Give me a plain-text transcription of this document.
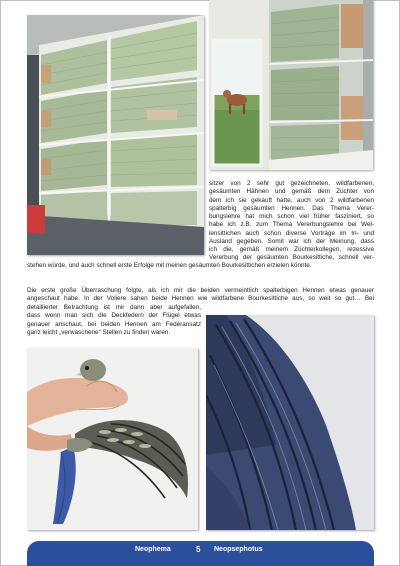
sitzer von 2 sehr gut gezeichneten, wildfarbenen,
gesäumten Hähnen und gemäß dem Züchter von
dem ich sie gekauft hatte, auch von 2 wildfarbenen
spalterbig gesäumten Hennen. Das Thema Verer-
bungslehre hat mich schon viel früher fasziniert, so
habe ich z.B. zum Thema Vererbungslehre bei Wel-
lensittichen auch schon diverse Vorträge im In- und
Ausland gegeben. Somit war ich der Meinung, dass
ich die, gemäß meinem Züchterkollegen, rezessive
Vererbung der gesäumten Bourkesittiche, schnell ver-
stehen würde, und auch schnell erste Erfolge mit meinen gesäumten Bourkesittichen erzielen könnte.
Die erste große Überraschung folgte, als ich mir die beiden vermeintlich spalterbigen Hennen etwas genauer
angeschaut habe. In der Voliere sahen beide Hennen wie wildfarbene Bourkesittiche aus, so weit so gut… Bei
detaillierter Betrachtung ist mir dann aber aufgefallen,
dass wenn man sich die Deckfedern der Flügel etwas
genauer anschaut, bei beiden Hennen am Federansatz
ganz leicht „verwaschene“ Stellen zu finden waren.
Neophema	5 Neopsephotus
